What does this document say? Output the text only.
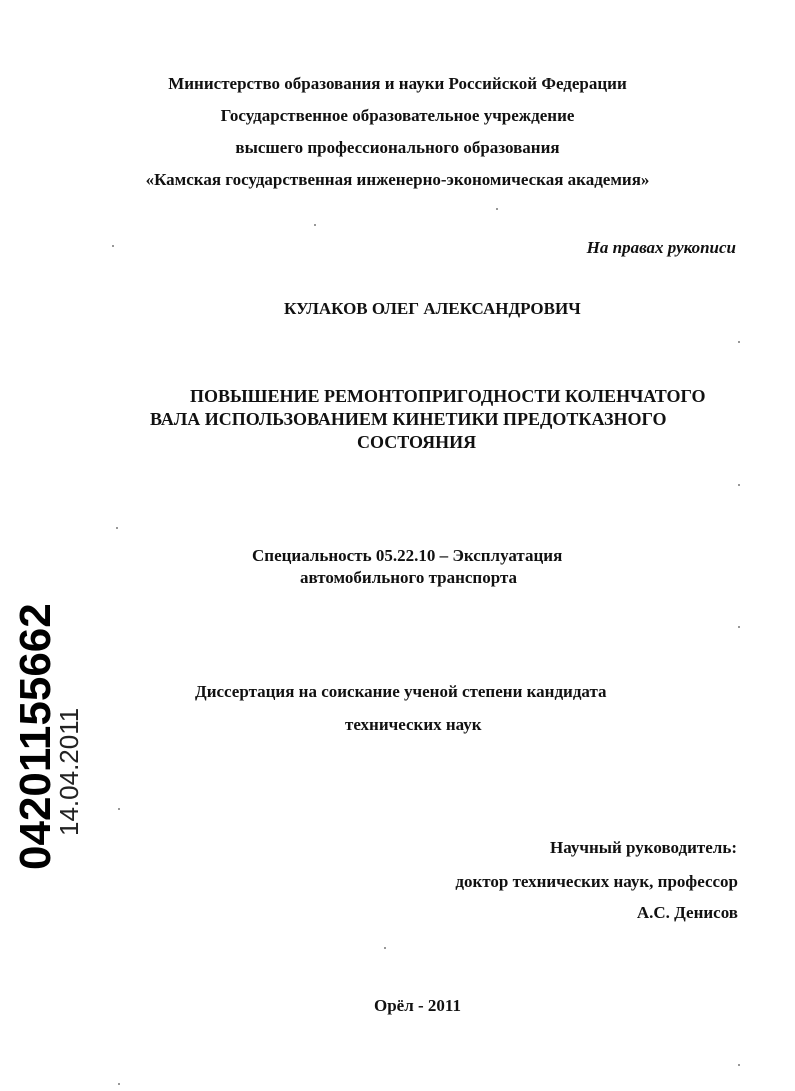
Министерство образования и науки Российской Федерации
Государственное образовательное учреждение
высшего профессионального образования
«Камская государственная инженерно-экономическая академия»
На правах рукописи
КУЛАКОВ ОЛЕГ АЛЕКСАНДРОВИЧ
ПОВЫШЕНИЕ РЕМОНТОПРИГОДНОСТИ КОЛЕНЧАТОГО
ВАЛА ИСПОЛЬЗОВАНИЕМ КИНЕТИКИ ПРЕДОТКАЗНОГО
СОСТОЯНИЯ
Специальность 05.22.10 – Эксплуатация
автомобильного транспорта
Диссертация на соискание ученой степени кандидата
технических наук
Научный руководитель:
доктор технических наук, профессор
А.С. Денисов
Орёл - 2011
04201155662
14.04.2011
